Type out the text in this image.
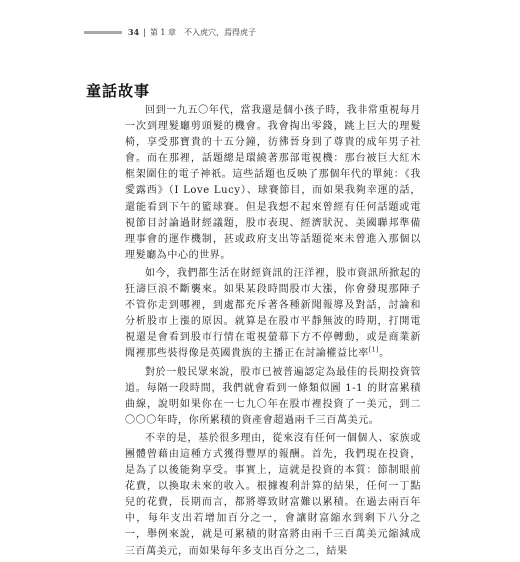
34 | 第 1 章 不入虎穴，焉得虎子
童話故事

回到一九五〇年代，當我還是個小孩子時，我非常重視每月一次到理髮廳剪頭髮的機會。我會掏出零錢，跳上巨大的理髮椅，享受那寶貴的十五分鐘，彷彿晉身到了尊貴的成年男子社會。而在那裡，話題總是環繞著那部電視機：那台被巨大紅木框架圍住的電子神祇。這些話題也反映了那個年代的單純：《我愛露西》（I Love Lucy）、球賽節目，而如果我夠幸運的話，還能看到下午的籃球賽。但是我想不起來曾經有任何話題或電視節目討論過財經議題，股市表現、經濟狀況、美國聯邦準備理事會的運作機制，甚或政府支出等話題從來未曾進入那個以理髮廳為中心的世界。

如今，我們都生活在財經資訊的汪洋裡，股市資訊所掀起的狂濤巨浪不斷襲來。如果某段時間股市大漲，你會發現那陣子不管你走到哪裡，到處都充斥著各種新聞報導及對話，討論和分析股市上漲的原因。就算是在股市平靜無波的時期，打開電視還是會看到股市行情在電視螢幕下方不停轉動，或是商業新聞裡那些裝得像是英國貴族的主播正在討論權益比率[1]。

對於一般民眾來說，股市已被普遍認定為最佳的長期投資管道。每隔一段時間，我們就會看到一條類似圖 1-1 的財富累積曲線，說明如果你在一七九〇年在股市裡投資了一美元，到二〇〇〇年時，你所累積的資產會超過兩千三百萬美元。

不幸的是，基於很多理由，從來沒有任何一個個人、家族或團體曾藉由這種方式獲得豐厚的報酬。首先，我們現在投資，是為了以後能夠享受。事實上，這就是投資的本質：節制眼前花費，以換取未來的收入。根據複利計算的結果，任何一丁點兒的花費，長期而言，都將導致財富難以累積。在過去兩百年中，每年支出若增加百分之一，會讓財富縮水到剩下八分之一，舉例來說，就是可累積的財富將由兩千三百萬美元縮減成三百萬美元，而如果每年多支出百分之二，結果
